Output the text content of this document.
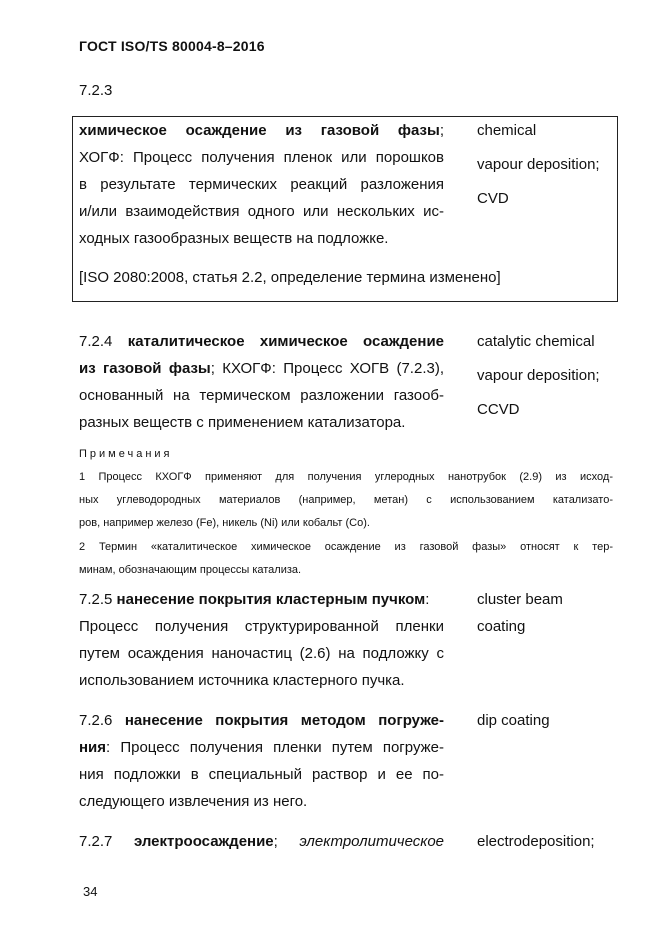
ГОСТ ISO/TS 80004-8–2016
7.2.3
химическое осаждение из газовой фазы;
ХОГФ: Процесс получения пленок или порошков
в результате термических реакций разложения
и/или взаимодействия одного или нескольких ис-
ходных газообразных веществ на подложке.
[ISO 2080:2008, статья 2.2, определение термина изменено]
chemical
vapour deposition;
CVD
7.2.4 каталитическое химическое осаждение
из газовой фазы; КХОГФ: Процесс ХОГВ (7.2.3),
основанный на термическом разложении газооб-
разных веществ с применением катализатора.
catalytic chemical
vapour deposition;
CCVD
Примечания
1 Процесс КХОГФ применяют для получения углеродных нанотрубок (2.9) из исход-
ных углеводородных материалов (например, метан) с использованием катализато-
ров, например железо (Fe), никель (Ni) или кобальт (Co).
2 Термин «каталитическое химическое осаждение из газовой фазы» относят к тер-
минам, обозначающим процессы катализа.
7.2.5 нанесение покрытия кластерным пучком:
Процесс получения структурированной пленки
путем осаждения наночастиц (2.6) на подложку с
использованием источника кластерного пучка.
cluster beam
coating
7.2.6 нанесение покрытия методом погруже-
ния: Процесс получения пленки путем погруже-
ния подложки в специальный раствор и ее по-
следующего извлечения из него.
dip coating
7.2.7 электроосаждение; электролитическое electrodeposition;
34
